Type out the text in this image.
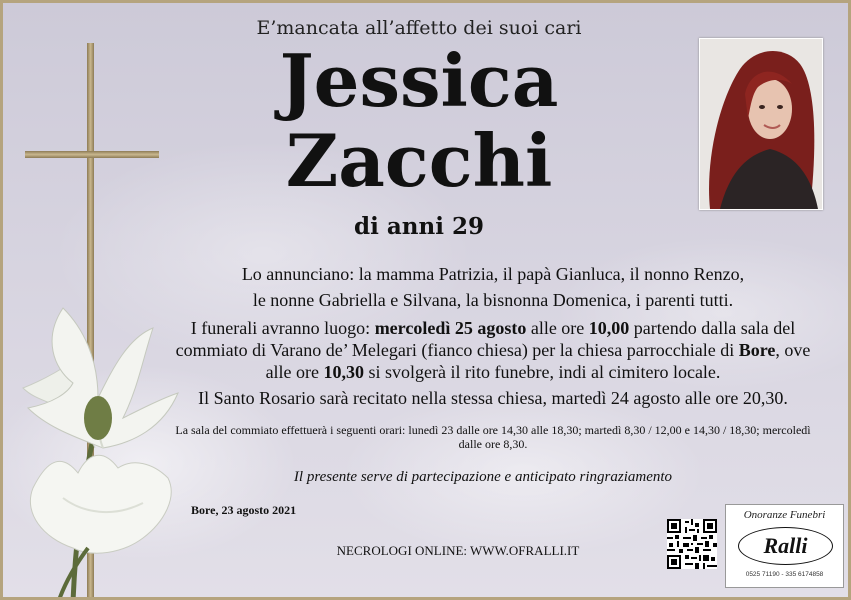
E’mancata all’affetto dei suoi cari
Jessica
Zacchi
di anni 29
Lo annunciano: la mamma Patrizia, il papà Gianluca, il nonno Renzo,
le nonne Gabriella e Silvana, la bisnonna Domenica, i parenti tutti.
I funerali avranno luogo: mercoledì 25 agosto alle ore 10,00 partendo dalla sala del commiato di Varano de’ Melegari (fianco chiesa) per la chiesa parrocchiale di Bore, ove alle ore 10,30 si svolgerà il rito funebre, indi al cimitero locale.
Il Santo Rosario sarà recitato nella stessa chiesa, martedì 24 agosto alle ore 20,30.
La sala del commiato effettuerà i seguenti orari: lunedì 23 dalle ore 14,30 alle 18,30; martedì 8,30 / 12,00 e 14,30 / 18,30; mercoledì dalle ore 8,30.
Il presente serve di partecipazione e anticipato ringraziamento
Bore, 23 agosto 2021
NECROLOGI ONLINE: WWW.OFRALLI.IT
Onoranze Funebri
Ralli
0525 71190 - 335 6174858
